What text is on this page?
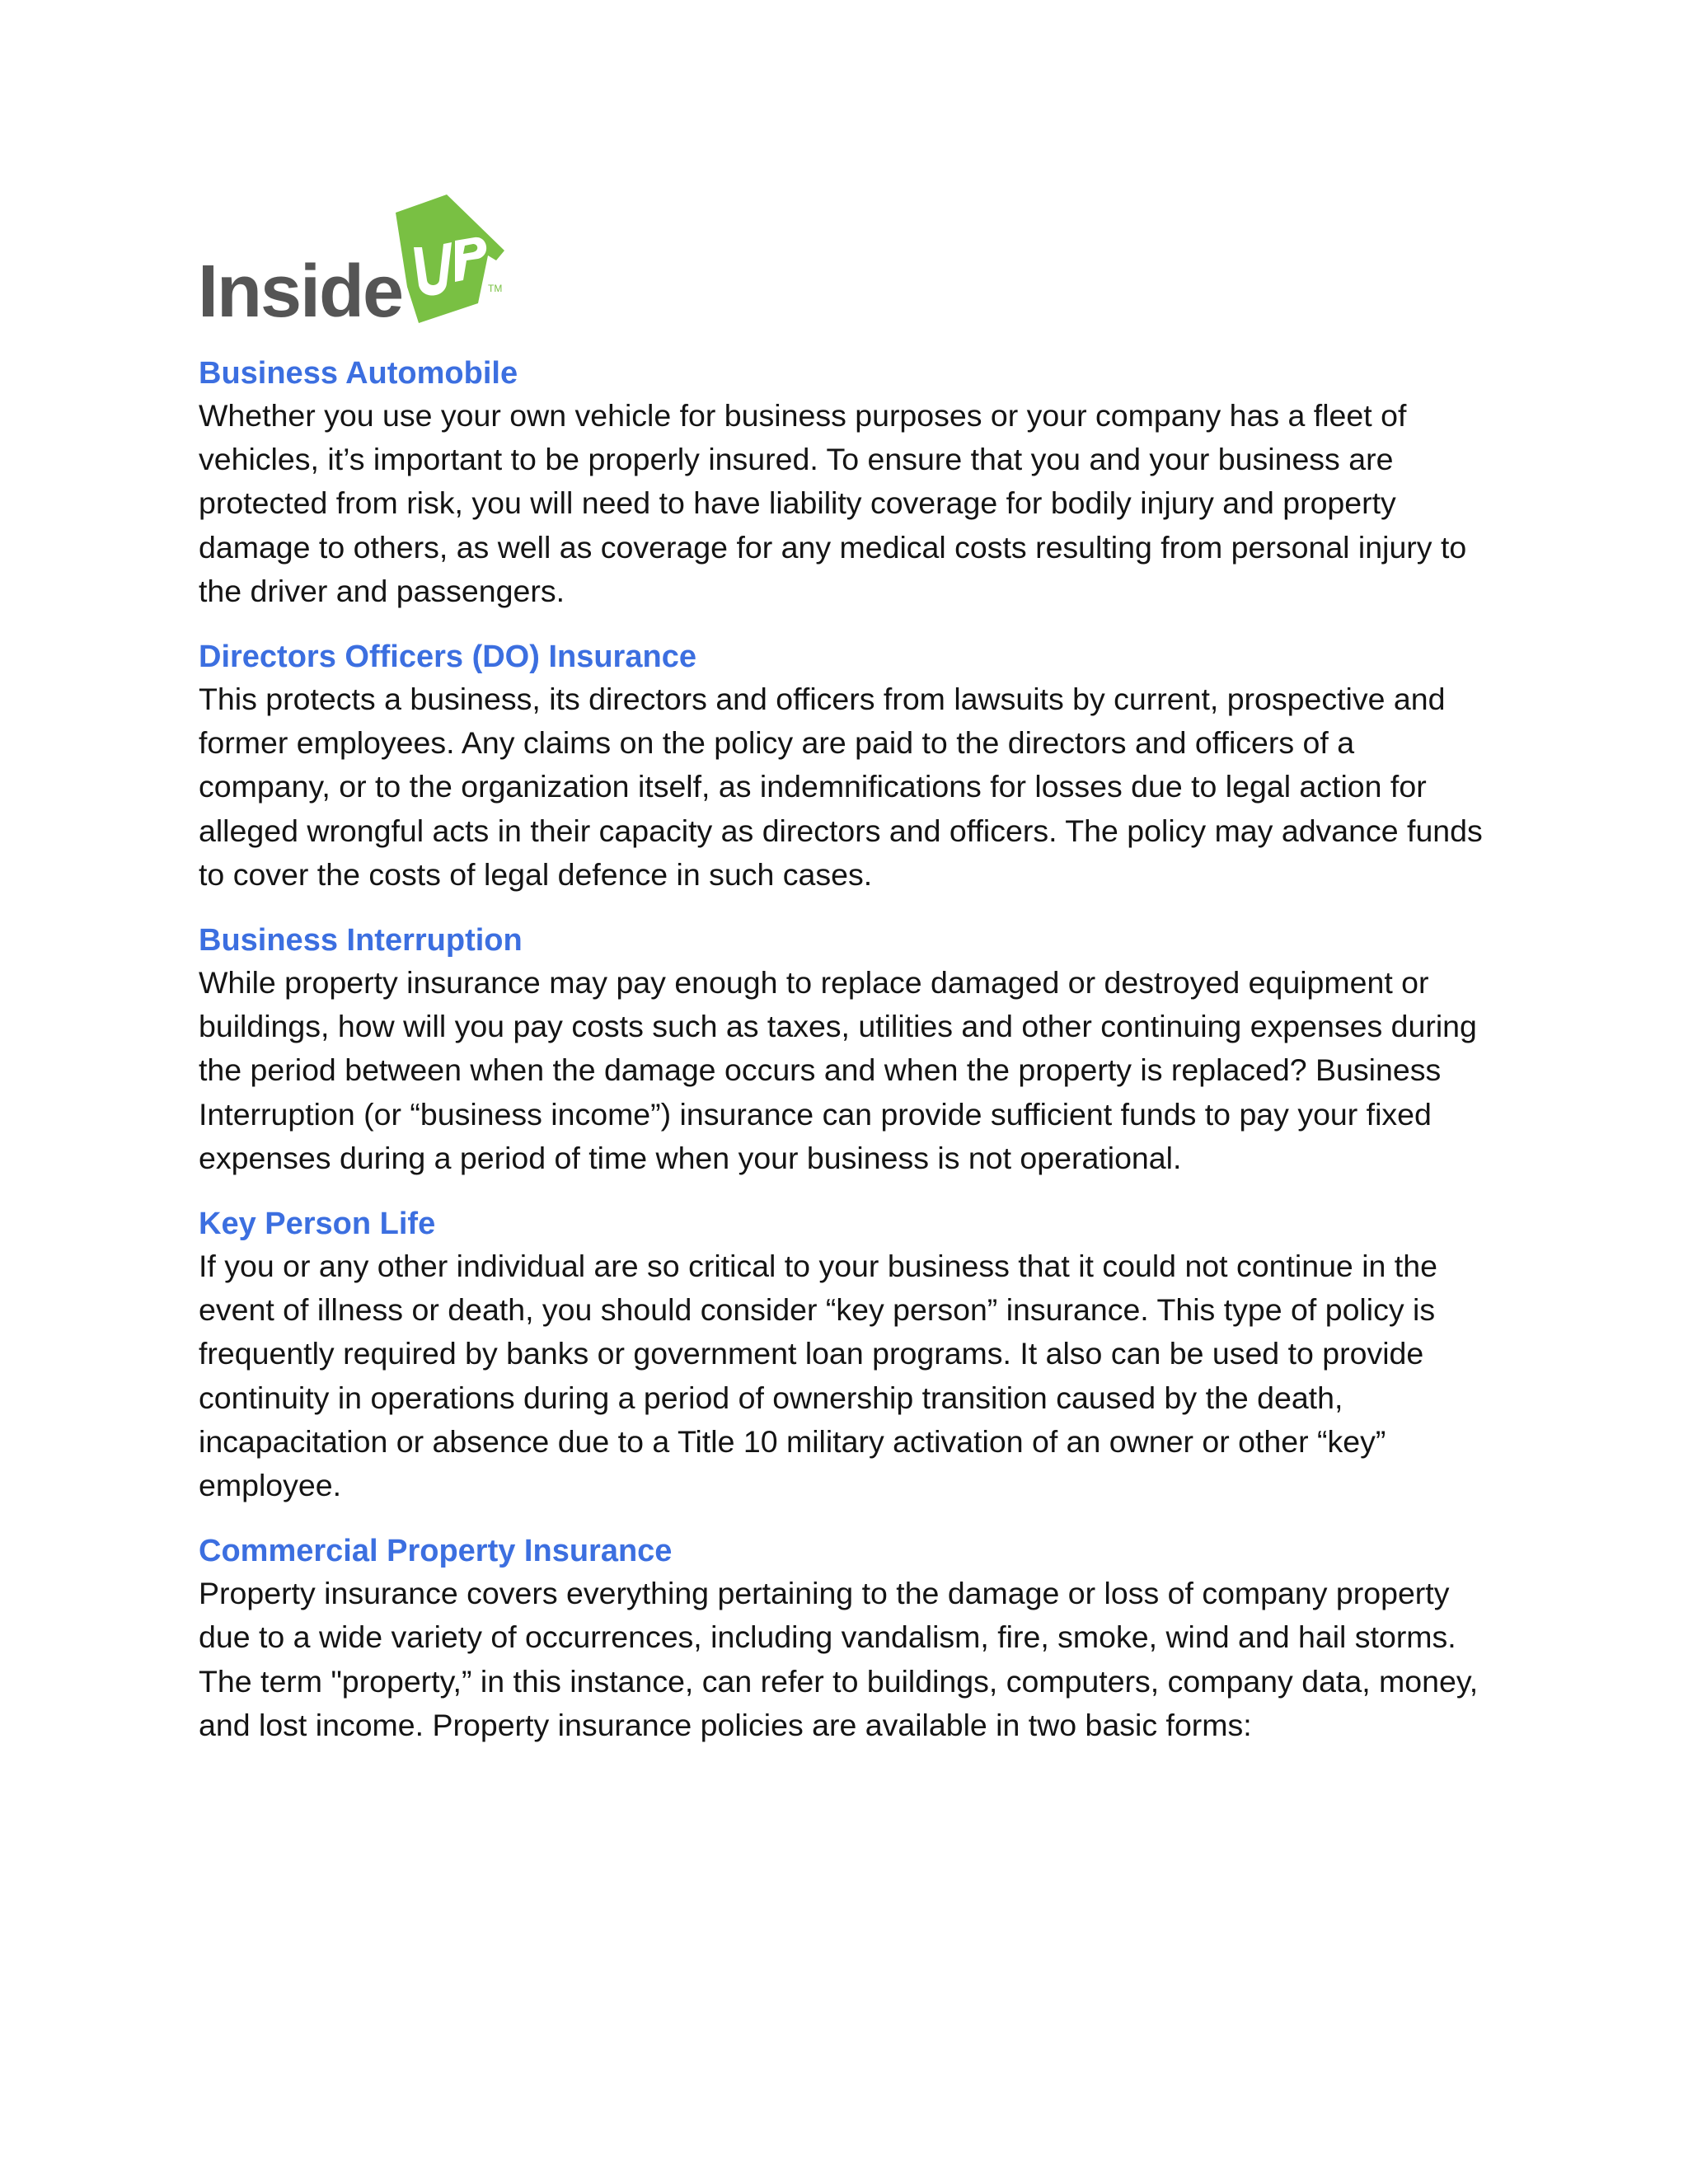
Inside	TM
Business Automobile

Whether you use your own vehicle for business purposes or your company has a fleet of vehicles, it’s important to be properly insured. To ensure that you and your business are protected from risk, you will need to have liability coverage for bodily injury and property damage to others, as well as coverage for any medical costs resulting from personal injury to the driver and passengers.

Directors Officers (DO) Insurance

This protects a business, its directors and officers from lawsuits by current, prospective and former employees. Any claims on the policy are paid to the directors and officers of a company, or to the organization itself, as indemnifications for losses due to legal action for alleged wrongful acts in their capacity as directors and officers. The policy may advance funds to cover the costs of legal defence in such cases.

Business Interruption

While property insurance may pay enough to replace damaged or destroyed equipment or buildings, how will you pay costs such as taxes, utilities and other continuing expenses during the period between when the damage occurs and when the property is replaced? Business Interruption (or “business income”) insurance can provide sufficient funds to pay your fixed expenses during a period of time when your business is not operational.

Key Person Life

If you or any other individual are so critical to your business that it could not continue in the event of illness or death, you should consider “key person” insurance. This type of policy is frequently required by banks or government loan programs. It also can be used to provide continuity in operations during a period of ownership transition caused by the death, incapacitation or absence due to a Title 10 military activation of an owner or other “key” employee.

Commercial Property Insurance

Property insurance covers everything pertaining to the damage or loss of company property due to a wide variety of occurrences, including vandalism, fire, smoke, wind and hail storms. The term "property,” in this instance, can refer to buildings, computers, company data, money, and lost income. Property insurance policies are available in two basic forms:
